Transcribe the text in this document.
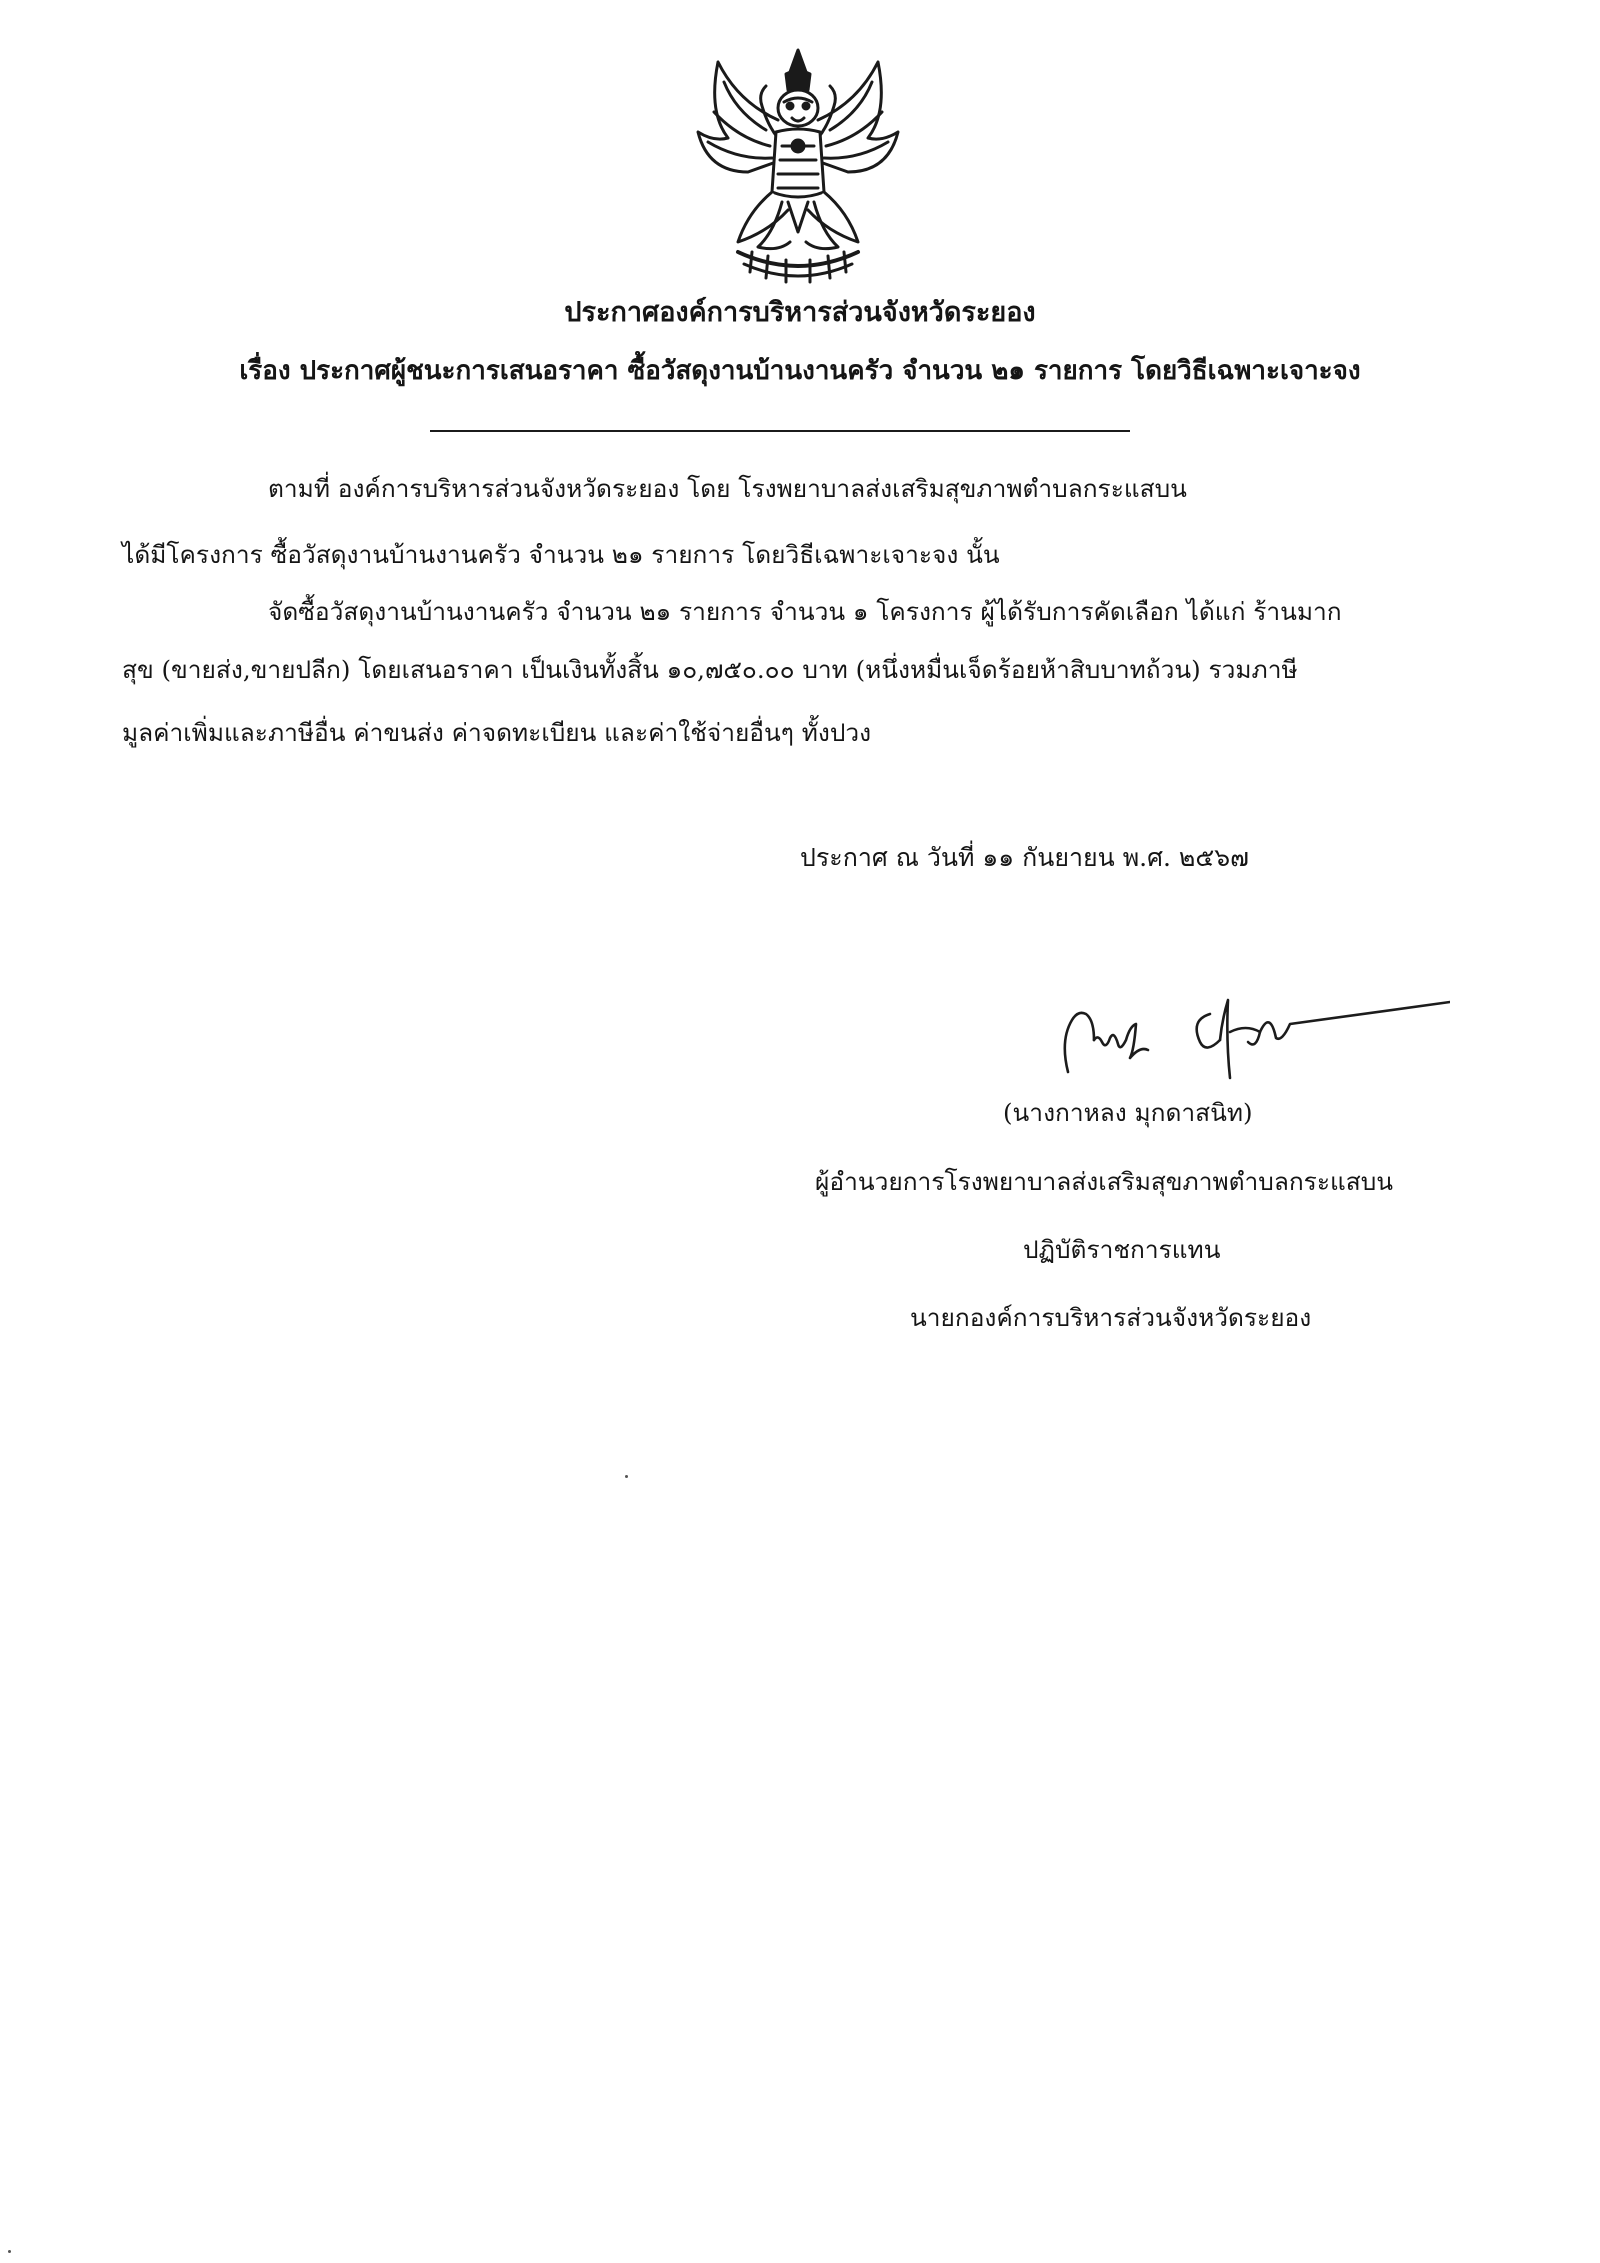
ประกาศองค์การบริหารส่วนจังหวัดระยอง
เรื่อง ประกาศผู้ชนะการเสนอราคา ซื้อวัสดุงานบ้านงานครัว จำนวน ๒๑ รายการ โดยวิธีเฉพาะเจาะจง
ตามที่ องค์การบริหารส่วนจังหวัดระยอง โดย โรงพยาบาลส่งเสริมสุขภาพตำบลกระแสบน
ได้มีโครงการ ซื้อวัสดุงานบ้านงานครัว จำนวน ๒๑ รายการ โดยวิธีเฉพาะเจาะจง นั้น
จัดซื้อวัสดุงานบ้านงานครัว จำนวน ๒๑ รายการ จำนวน ๑ โครงการ ผู้ได้รับการคัดเลือก ได้แก่ ร้านมาก
สุข (ขายส่ง,ขายปลีก) โดยเสนอราคา เป็นเงินทั้งสิ้น ๑๐,๗๕๐.๐๐ บาท (หนึ่งหมื่นเจ็ดร้อยห้าสิบบาทถ้วน) รวมภาษี
มูลค่าเพิ่มและภาษีอื่น ค่าขนส่ง ค่าจดทะเบียน และค่าใช้จ่ายอื่นๆ ทั้งปวง
ประกาศ ณ วันที่ ๑๑ กันยายน พ.ศ. ๒๕๖๗
(นางกาหลง มุกดาสนิท)
ผู้อำนวยการโรงพยาบาลส่งเสริมสุขภาพตำบลกระแสบน
ปฏิบัติราชการแทน
นายกองค์การบริหารส่วนจังหวัดระยอง
